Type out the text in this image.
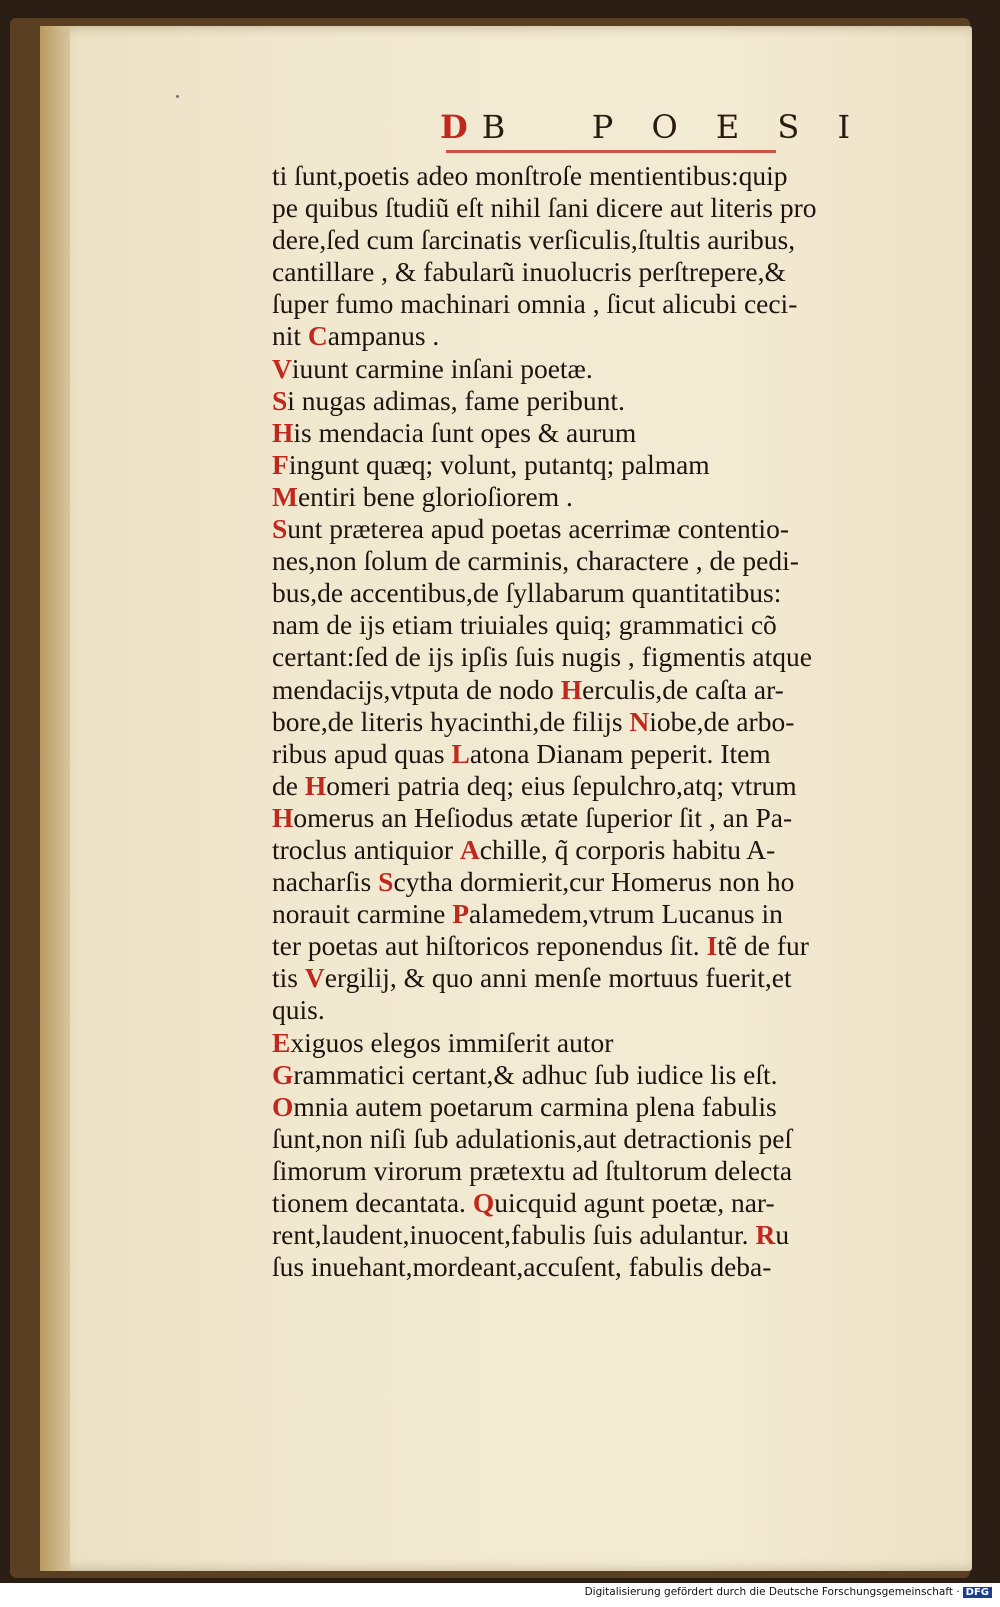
DB   P O E S I
ti ſunt,poetis adeo monſtroſe mentientibus:quip
pe quibus ſtudiũ eſt nihil ſani dicere aut literis pro
dere,ſed cum ſarcinatis verſiculis,ſtultis auribus,
cantillare , & fabularũ inuolucris perſtrepere,&
ſuper fumo machinari omnia , ſicut alicubi ceci-
nit Campanus .
Viuunt carmine inſani poetæ.
Si nugas adimas, fame peribunt.
His mendacia ſunt opes & aurum
Fingunt quæq; volunt, putantq; palmam
Mentiri bene glorioſiorem .
Sunt præterea apud poetas acerrimæ contentio-
nes,non ſolum de carminis, charactere , de pedi-
bus,de accentibus,de ſyllabarum quantitatibus:
nam de ijs etiam triuiales quiq; grammatici cõ
certant:ſed de ijs ipſis ſuis nugis , figmentis atque
mendacijs,vtputa de nodo Herculis,de caſta ar-
bore,de literis hyacinthi,de filijs Niobe,de arbo-
ribus apud quas Latona Dianam peperit. Item
de Homeri patria deq; eius ſepulchro,atq; vtrum
Homerus an Heſiodus ætate ſuperior ſit , an Pa-
troclus antiquior Achille, q̃ corporis habitu A-
nacharſis Scytha dormierit,cur Homerus non ho
norauit carmine Palamedem,vtrum Lucanus in
ter poetas aut hiſtoricos reponendus ſit. Itẽ de fur
tis Vergilij, & quo anni menſe mortuus fuerit,et
quis.
Exiguos elegos immiſerit autor
Grammatici certant,& adhuc ſub iudice lis eſt.
Omnia autem poetarum carmina plena fabulis
ſunt,non niſi ſub adulationis,aut detractionis peſ
ſimorum virorum prætextu ad ſtultorum delecta
tionem decantata. Quicquid agunt poetæ, nar-
rent,laudent,inuocent,fabulis ſuis adulantur. Ru
ſus inuehant,mordeant,accuſent, fabulis deba-
Digitalisierung gefördert durch die Deutsche Forschungsgemeinschaft · DFG
